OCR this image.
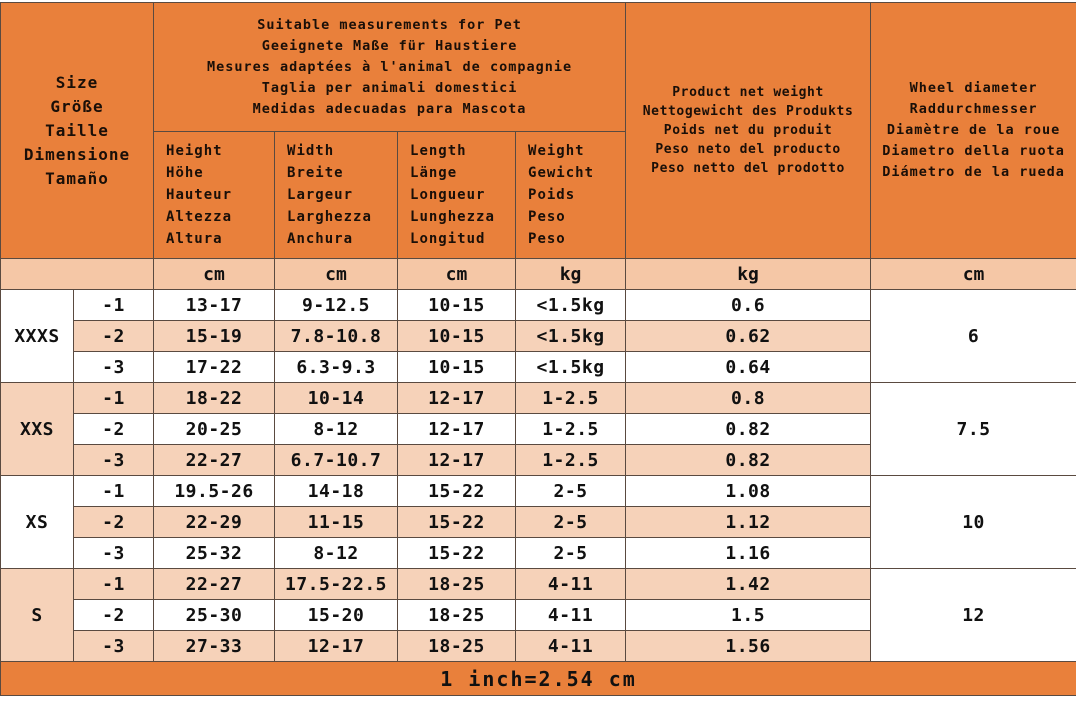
Size
Größe
Taille
Dimensione
Tamaño		Suitable measurements for Pet
Geeignete Maße für Haustiere
Mesures adaptées à l'animal de compagnie
Taglia per animali domestici
Medidas adecuadas para Mascota				Product net weight
Nettogewicht des Produkts
Poids net du produit
Peso neto del producto
Peso netto del prodotto	Wheel diameter
Raddurchmesser
Diamètre de la roue
Diametro della ruota
Diámetro de la rueda

		Height
Höhe
Hauteur
Altezza
Altura	Width
Breite
Largeur
Larghezza
Anchura	Length
Länge
Longueur
Lunghezza
Longitud	Weight
Gewicht
Poids
Peso
Peso		

		cm	cm	cm	kg	kg	cm
XXXS	-1	13-17	9-12.5	10-15	<1.5kg	0.6	6
	-2	15-19	7.8-10.8	10-15	<1.5kg	0.62	
	-3	17-22	6.3-9.3	10-15	<1.5kg	0.64	
XXS	-1	18-22	10-14	12-17	1-2.5	0.8	7.5
	-2	20-25	8-12	12-17	1-2.5	0.82	
	-3	22-27	6.7-10.7	12-17	1-2.5	0.82	
XS	-1	19.5-26	14-18	15-22	2-5	1.08	10
	-2	22-29	11-15	15-22	2-5	1.12	
	-3	25-32	8-12	15-22	2-5	1.16	
S	-1	22-27	17.5-22.5	18-25	4-11	1.42	12
	-2	25-30	15-20	18-25	4-11	1.5	
	-3	27-33	12-17	18-25	4-11	1.56	
1 inch=2.54 cm							
